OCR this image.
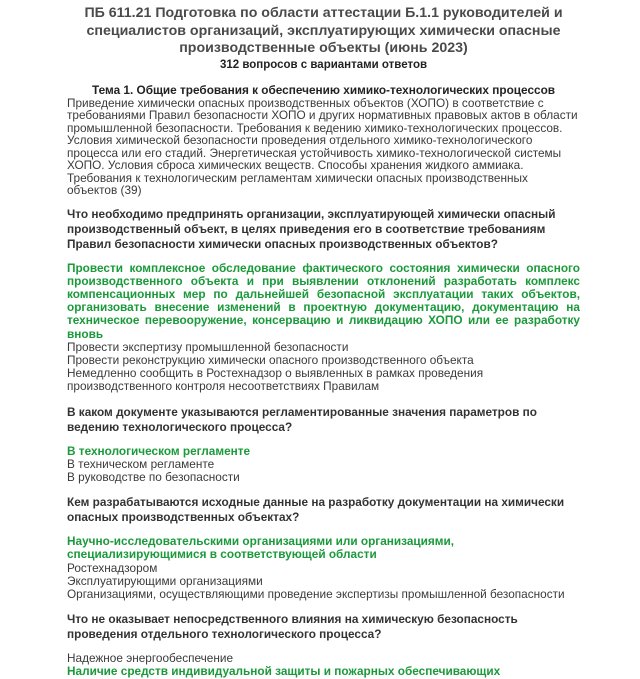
ПБ 611.21 Подготовка по области аттестации Б.1.1 руководителей и специалистов организаций, эксплуатирующих химически опасные производственные объекты (июнь 2023)
312 вопросов с вариантами ответов
Тема 1. Общие требования к обеспечению химико-технологических процессов
Приведение химически опасных производственных объектов (ХОПО) в соответствие с требованиями Правил безопасности ХОПО и других нормативных правовых актов в области промышленной безопасности. Требования к ведению химико-технологических процессов. Условия химической безопасности проведения отдельного химико-технологического процесса или его стадий. Энергетическая устойчивость химико-технологической системы ХОПО. Условия сброса химических веществ. Способы хранения жидкого аммиака. Требования к технологическим регламентам химически опасных производственных объектов (39)
Что необходимо предпринять организации, эксплуатирующей химически опасный производственный объект, в целях приведения его в соответствие требованиям Правил безопасности химически опасных производственных объектов?
Провести комплексное обследование фактического состояния химически опасного производственного объекта и при выявлении отклонений разработать комплекс компенсационных мер по дальнейшей безопасной эксплуатации таких объектов, организовать внесение изменений в проектную документацию, документацию на техническое перевооружение, консервацию и ликвидацию ХОПО или ее разработку вновь
Провести экспертизу промышленной безопасности
Провести реконструкцию химически опасного производственного объекта
Немедленно сообщить в Ростехнадзор о выявленных в рамках проведения производственного контроля несоответствиях Правилам
В каком документе указываются регламентированные значения параметров по ведению технологического процесса?
В технологическом регламенте
В техническом регламенте
В руководстве по безопасности
Кем разрабатываются исходные данные на разработку документации на химически опасных производственных объектах?
Научно-исследовательскими организациями или организациями, специализирующимися в соответствующей области
Ростехнадзором
Эксплуатирующими организациями
Организациями, осуществляющими проведение экспертизы промышленной безопасности
Что не оказывает непосредственного влияния на химическую безопасность проведения отдельного технологического процесса?
Надежное энергообеспечение
Наличие средств индивидуальной защиты и пожарных обеспечивающих
